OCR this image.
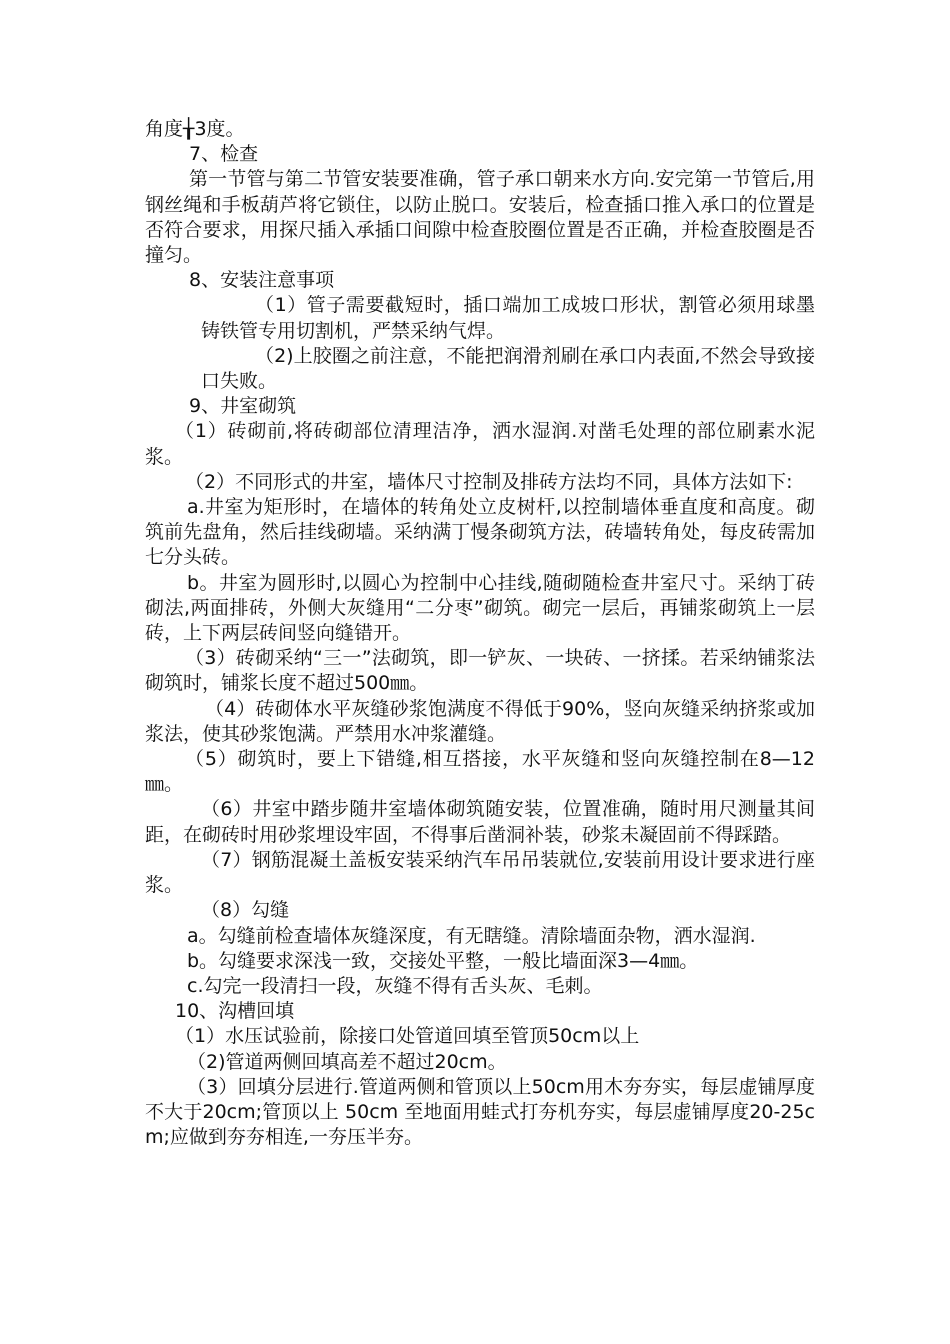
角度╁3度。

7、检查

第一节管与第二节管安装要准确，管子承口朝来水方向.安完第一节管后,用钢丝绳和手板葫芦将它锁住，以防止脱口。安装后，检查插口推入承口的位置是否符合要求，用探尺插入承插口间隙中检查胶圈位置是否正确，并检查胶圈是否撞匀。

8、安装注意事项

（1）管子需要截短时，插口端加工成坡口形状，割管必须用球墨铸铁管专用切割机，严禁采纳气焊。

（2)上胶圈之前注意，不能把润滑剂刷在承口内表面,不然会导致接口失败。

9、井室砌筑

（1）砖砌前,将砖砌部位清理洁净，洒水湿润.对凿毛处理的部位刷素水泥浆。

（2）不同形式的井室，墙体尺寸控制及排砖方法均不同，具体方法如下:

a.井室为矩形时，在墙体的转角处立皮树杆,以控制墙体垂直度和高度。砌筑前先盘角，然后挂线砌墙。采纳满丁慢条砌筑方法，砖墙转角处，每皮砖需加七分头砖。

b。井室为圆形时,以圆心为控制中心挂线,随砌随检查井室尺寸。采纳丁砖砌法,两面排砖，外侧大灰缝用“二分枣”砌筑。砌完一层后，再铺浆砌筑上一层砖，上下两层砖间竖向缝错开。

（3）砖砌采纳“三一”法砌筑，即一铲灰、一块砖、一挤揉。若采纳铺浆法砌筑时，铺浆长度不超过500㎜。

（4）砖砌体水平灰缝砂浆饱满度不得低于90%，竖向灰缝采纳挤浆或加浆法，使其砂浆饱满。严禁用水冲浆灌缝。

（5）砌筑时，要上下错缝,相互搭接，水平灰缝和竖向灰缝控制在8—12㎜。

（6）井室中踏步随井室墙体砌筑随安装，位置准确，随时用尺测量其间距，在砌砖时用砂浆埋设牢固，不得事后凿洞补装，砂浆未凝固前不得踩踏。

（7）钢筋混凝土盖板安装采纳汽车吊吊装就位,安装前用设计要求进行座浆。

（8）勾缝

a。勾缝前检查墙体灰缝深度，有无瞎缝。清除墙面杂物，洒水湿润.

b。勾缝要求深浅一致，交接处平整，一般比墙面深3—4㎜。

c.勾完一段清扫一段，灰缝不得有舌头灰、毛刺。

10、沟槽回填

（1）水压试验前，除接口处管道回填至管顶50cm以上

（2)管道两侧回填高差不超过20cm。

（3）回填分层进行.管道两侧和管顶以上50cm用木夯夯实，每层虚铺厚度不大于20cm;管顶以上 50cm 至地面用蛙式打夯机夯实，每层虚铺厚度20-25cm;应做到夯夯相连,一夯压半夯。
